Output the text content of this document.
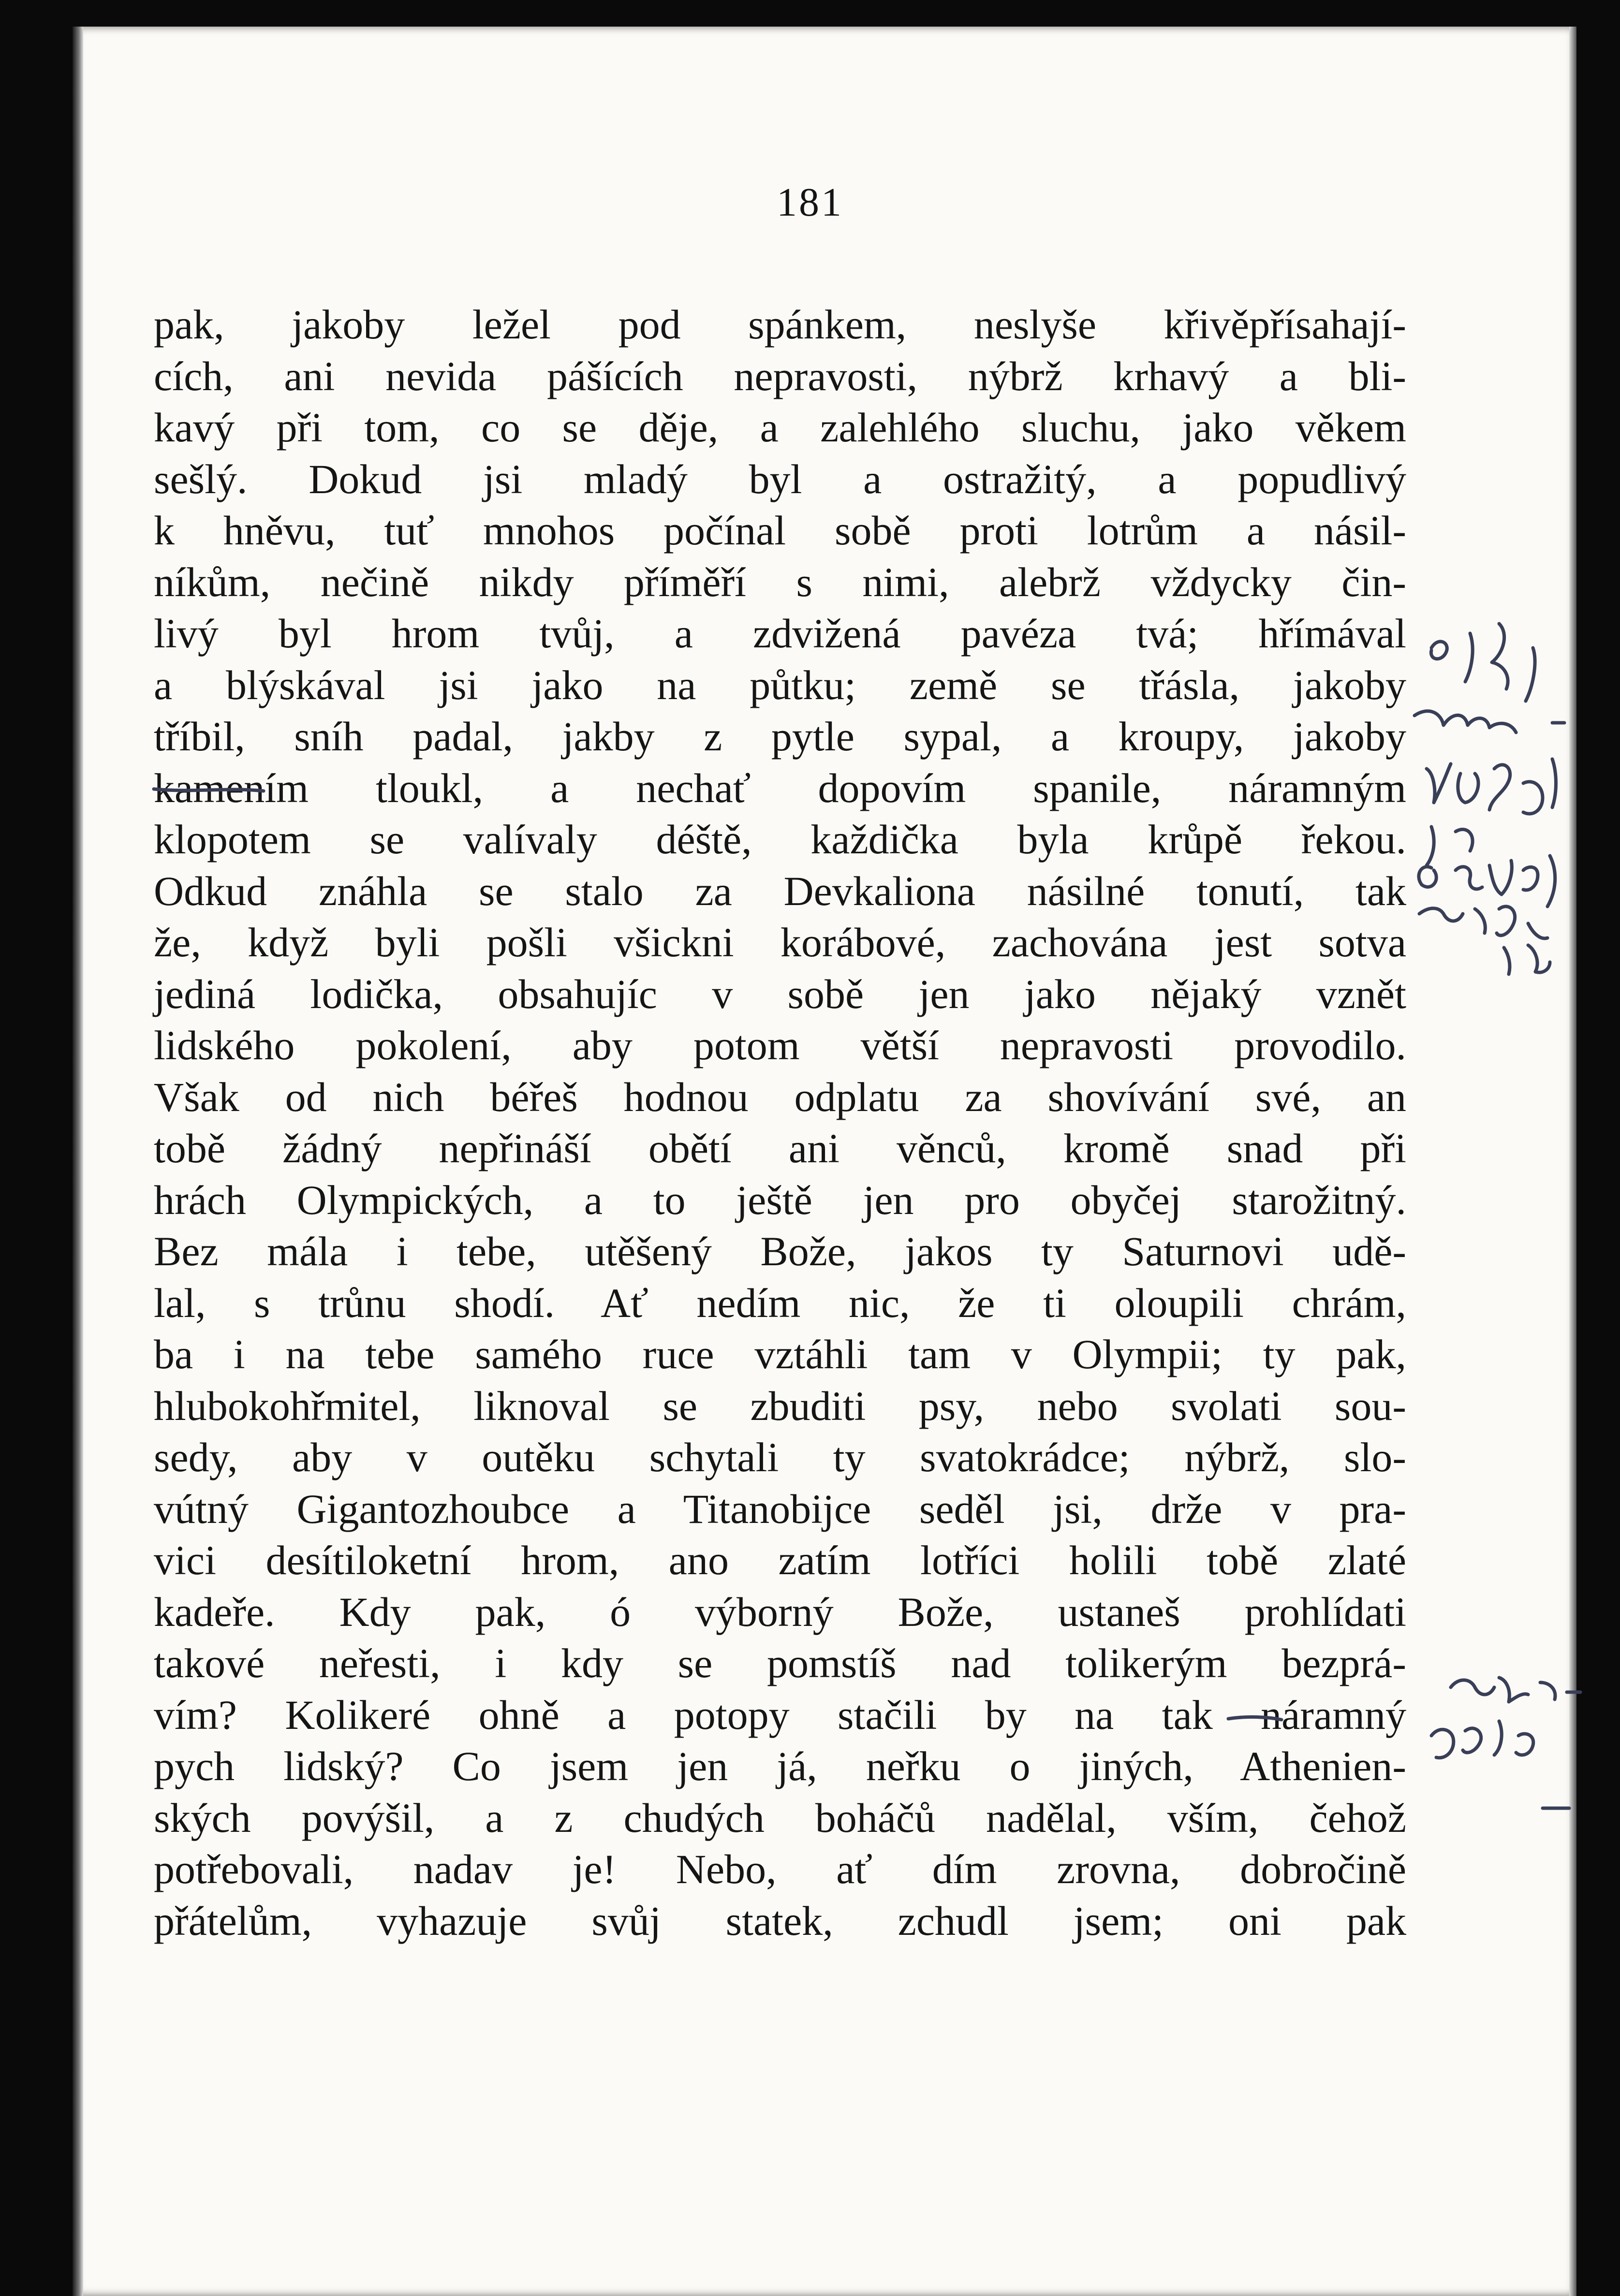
181
pak, jakoby ležel pod spánkem, neslyše křivěpřísahají-
cích, ani nevida pášících nepravosti, nýbrž krhavý a bli-
kavý při tom, co se děje, a zalehlého sluchu, jako věkem
sešlý. Dokud jsi mladý byl a ostražitý, a popudlivý
k hněvu, tuť mnohos počínal sobě proti lotrům a násil-
níkům, nečině nikdy příměří s nimi, alebrž vždycky čin-
livý byl hrom tvůj, a zdvižená pavéza tvá; hřímával
a blýskával jsi jako na půtku; země se třásla, jakoby
tříbil, sníh padal, jakby z pytle sypal, a kroupy, jakoby
kamením tloukl, a nechať dopovím spanile, náramným
klopotem se valívaly déště, každička byla krůpě řekou.
Odkud znáhla se stalo za Devkaliona násilné tonutí, tak
že, když byli pošli všickni korábové, zachována jest sotva
jediná lodička, obsahujíc v sobě jen jako nějaký vznět
lidského pokolení, aby potom větší nepravosti provodilo.
Však od nich béřeš hodnou odplatu za shovívání své, an
tobě žádný nepřináší obětí ani věnců, kromě snad při
hrách Olympických, a to ještě jen pro obyčej starožitný.
Bez mála i tebe, utěšený Bože, jakos ty Saturnovi udě-
lal, s trůnu shodí. Ať nedím nic, že ti oloupili chrám,
ba i na tebe samého ruce vztáhli tam v Olympii; ty pak,
hlubokohřmitel, liknoval se zbuditi psy, nebo svolati sou-
sedy, aby v outěku schytali ty svatokrádce; nýbrž, slo-
vútný Gigantozhoubce a Titanobijce seděl jsi, drže v pra-
vici desítiloketní hrom, ano zatím lotříci holili tobě zlaté
kadeře. Kdy pak, ó výborný Bože, ustaneš prohlídati
takové neřesti, i kdy se pomstíš nad tolikerým bezprá-
vím? Kolikeré ohně a potopy stačili by na tak náramný
pych lidský? Co jsem jen já, neřku o jiných, Athenien-
ských povýšil, a z chudých boháčů nadělal, vším, čehož
potřebovali, nadav je! Nebo, ať dím zrovna, dobročině
přátelům, vyhazuje svůj statek, zchudl jsem; oni pak
